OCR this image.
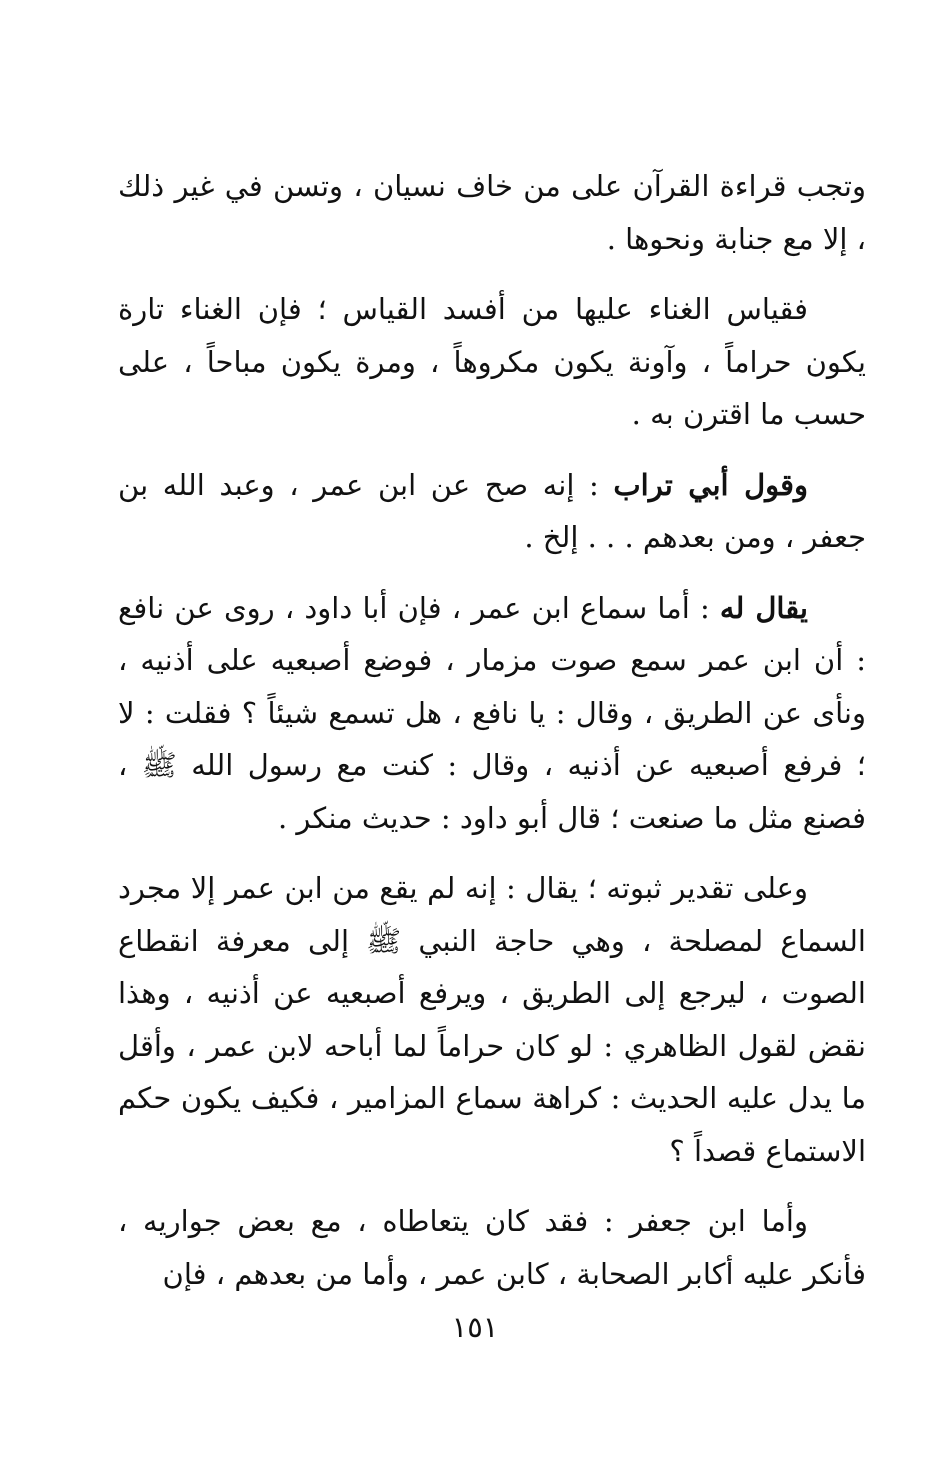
وتجب قراءة القرآن على من خاف نسيان ، وتسن في غير ذلك ، إلا مع جنابة ونحوها .

فقياس الغناء عليها من أفسد القياس ؛ فإن الغناء تارة يكون حراماً ، وآونة يكون مكروهاً ، ومرة يكون مباحاً ، على حسب ما اقترن به .

وقول أبي تراب : إنه صح عن ابن عمر ، وعبد الله بن جعفر ، ومن بعدهم . . . إلخ .

يقال له : أما سماع ابن عمر ، فإن أبا داود ، روى عن نافع : أن ابن عمر سمع صوت مزمار ، فوضع أصبعيه على أذنيه ، ونأى عن الطريق ، وقال : يا نافع ، هل تسمع شيئاً ؟ فقلت : لا ؛ فرفع أصبعيه عن أذنيه ، وقال : كنت مع رسول الله ﷺ ، فصنع مثل ما صنعت ؛ قال أبو داود : حديث منكر .

وعلى تقدير ثبوته ؛ يقال : إنه لم يقع من ابن عمر إلا مجرد السماع لمصلحة ، وهي حاجة النبي ﷺ إلى معرفة انقطاع الصوت ، ليرجع إلى الطريق ، ويرفع أصبعيه عن أذنيه ، وهذا نقض لقول الظاهري : لو كان حراماً لما أباحه لابن عمر ، وأقل ما يدل عليه الحديث : كراهة سماع المزامير ، فكيف يكون حكم الاستماع قصداً ؟

وأما ابن جعفر : فقد كان يتعاطاه ، مع بعض جواريه ، فأنكر عليه أكابر الصحابة ، كابن عمر ، وأما من بعدهم ، فإن

١٥١
